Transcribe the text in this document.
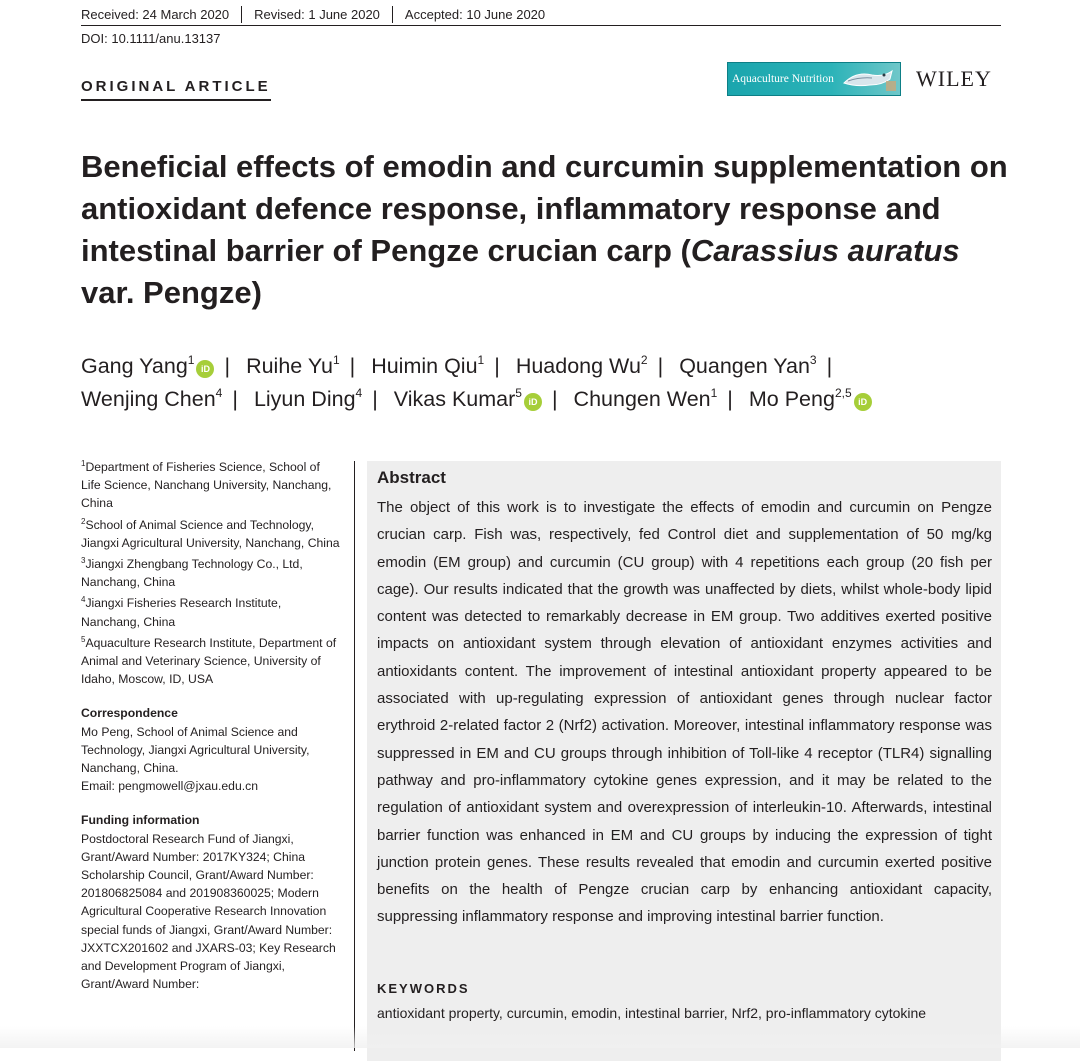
Received: 24 March 2020	Revised: 1 June 2020	Accepted: 10 June 2020
DOI: 10.1111/anu.13137
ORIGINAL ARTICLE	Aquaculture Nutrition	WILEY
Beneficial effects of emodin and curcumin supplementation on antioxidant defence response, inflammatory response and intestinal barrier of Pengze crucian carp (Carassius auratus var. Pengze)
Gang Yang$^1$iD | Ruihe Yu$^1$ | Huimin Qiu$^1$ | Huadong Wu$^2$ | Quangen Yan$^3$ | Wenjing Chen$^4$ | Liyun Ding$^4$ | Vikas Kumar$^5$iD | Chungen Wen$^1$ | Mo Peng$^{2,5}$iD
$^1$Department of Fisheries Science, School of Life Science, Nanchang University, Nanchang, China
$^2$School of Animal Science and Technology, Jiangxi Agricultural University, Nanchang, China
$^3$Jiangxi Zhengbang Technology Co., Ltd, Nanchang, China
$^4$Jiangxi Fisheries Research Institute, Nanchang, China
$^5$Aquaculture Research Institute, Department of Animal and Veterinary Science, University of Idaho, Moscow, ID, USA
Correspondence
Mo Peng, School of Animal Science and Technology, Jiangxi Agricultural University, Nanchang, China.
Email: pengmowell@jxau.edu.cn
Funding information
Postdoctoral Research Fund of Jiangxi, Grant/Award Number: 2017KY324; China Scholarship Council, Grant/Award Number: 201806825084 and 201908360025; Modern Agricultural Cooperative Research Innovation special funds of Jiangxi, Grant/Award Number: JXXTCX201602 and JXARS-03; Key Research and Development Program of Jiangxi, Grant/Award Number:
Abstract
The object of this work is to investigate the effects of emodin and curcumin on Pengze crucian carp. Fish was, respectively, fed Control diet and supplementation of 50 mg/kg emodin (EM group) and curcumin (CU group) with 4 repetitions each group (20 fish per cage). Our results indicated that the growth was unaffected by diets, whilst whole-body lipid content was detected to remarkably decrease in EM group. Two additives exerted positive impacts on antioxidant system through elevation of antioxidant enzymes activities and antioxidants content. The improvement of intestinal antioxidant property appeared to be associated with up-regulating expression of antioxidant genes through nuclear factor erythroid 2-related factor 2 (Nrf2) activation. Moreover, intestinal inflammatory response was suppressed in EM and CU groups through inhibition of Toll-like 4 receptor (TLR4) signalling pathway and pro-inflammatory cytokine genes expression, and it may be related to the regulation of antioxidant system and overexpression of interleukin-10. Afterwards, intestinal barrier function was enhanced in EM and CU groups by inducing the expression of tight junction protein genes. These results revealed that emodin and curcumin exerted positive benefits on the health of Pengze crucian carp by enhancing antioxidant capacity, suppressing inflammatory response and improving intestinal barrier function.
KEYWORDS
antioxidant property, curcumin, emodin, intestinal barrier, Nrf2, pro-inflammatory cytokine
